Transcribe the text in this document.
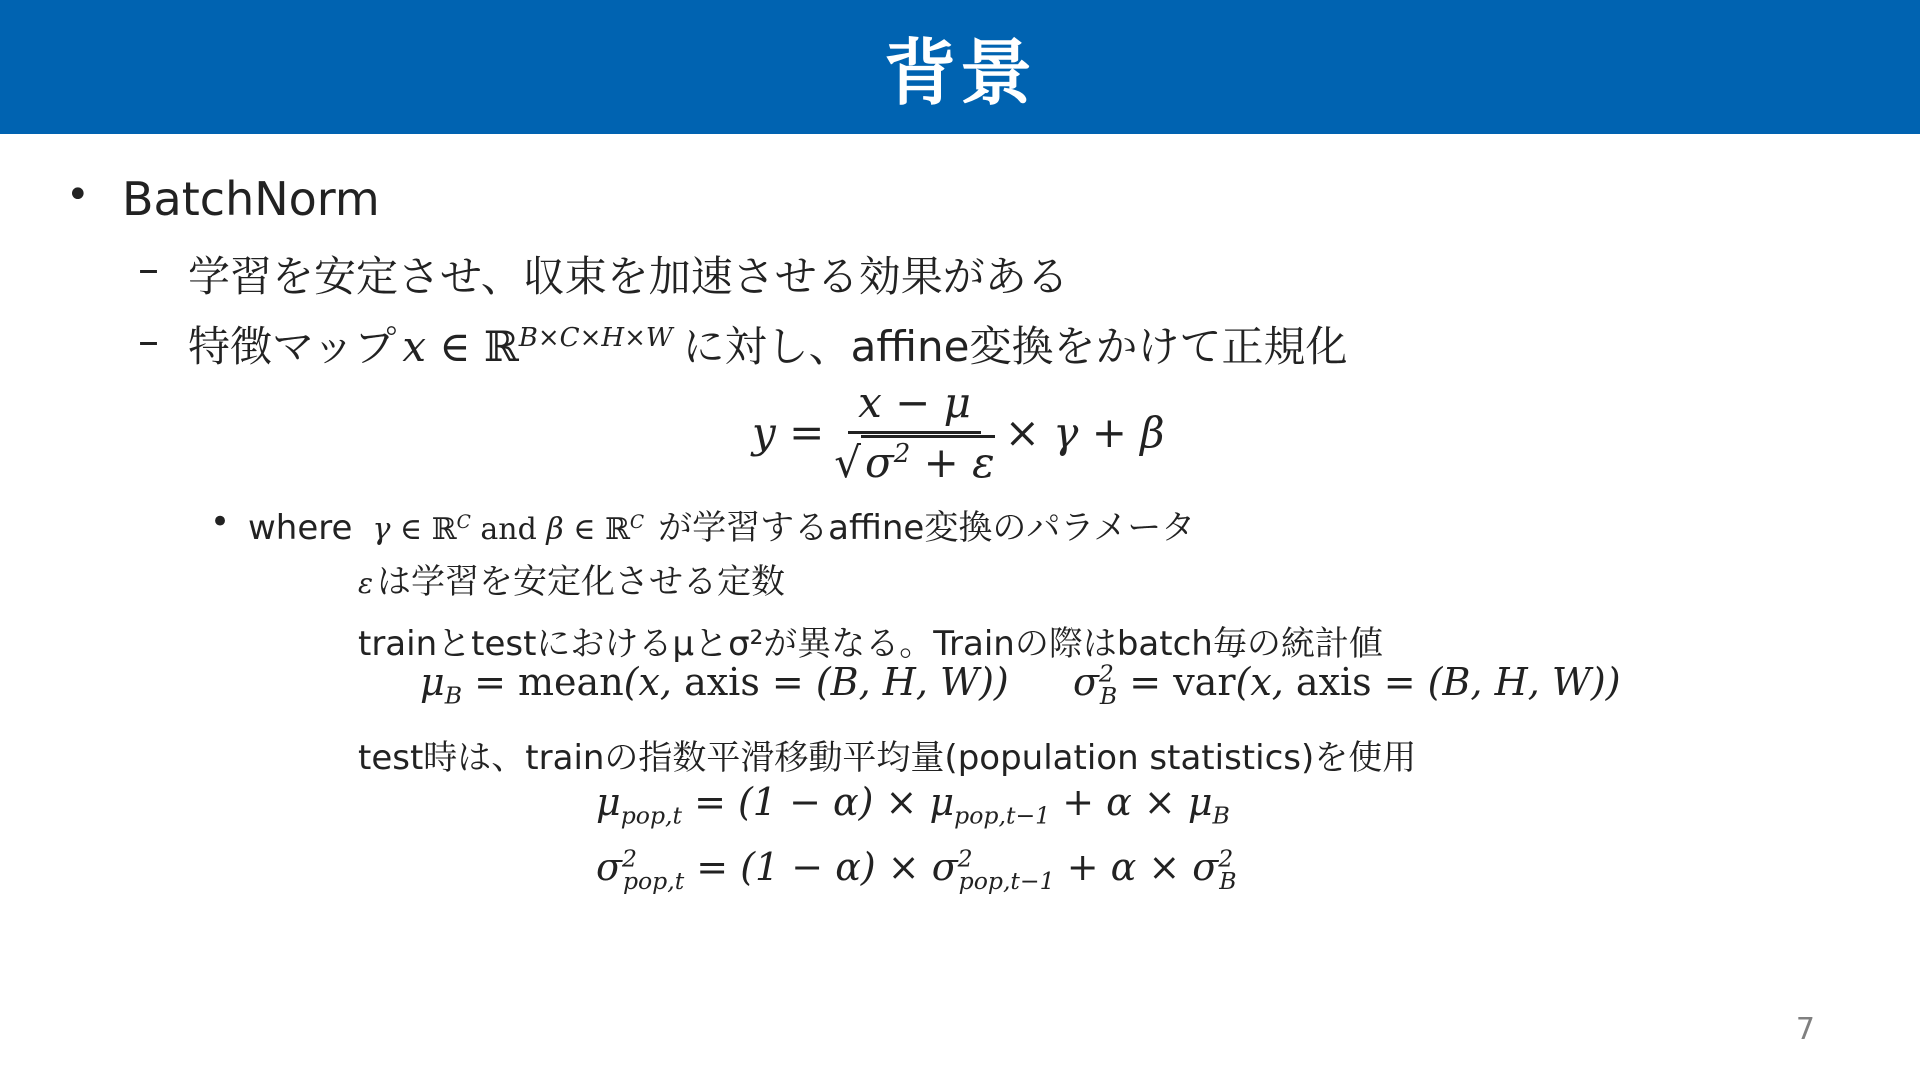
背景
• BatchNorm
– 学習を安定させ、収束を加速させる効果がある
– 特徴マップ x ∈ ℝ$^{B\times C\times H\times W}$ に対し、affine変換をかけて正規化
$y = \frac{x - \mu}{√\sigma^2 + \varepsilon} \times \gamma + \beta$
• where γ ∈ ℝ$^C$ and β ∈ ℝ$^C$ が学習するaffine変換のパラメータ
ε は学習を安定化させる定数
trainとtestにおけるμとσ²が異なる。Trainの際はbatch毎の統計値
$\mu_B$ = mean(x, axis = (B, H, W)) $\sigma^2_B = var(x$, axis = (B, H, W))
test時は、trainの指数平滑移動平均量(population statistics)を使用
$\mu_{pop,t} = (1 - \alpha) \times \mu_{pop,t-1} + \alpha \times \mu_B$
$\sigma^2_{pop,t} = (1 - \alpha) \times \sigma^2_{pop,t-1} + \alpha \times \sigma^2_B$
7
